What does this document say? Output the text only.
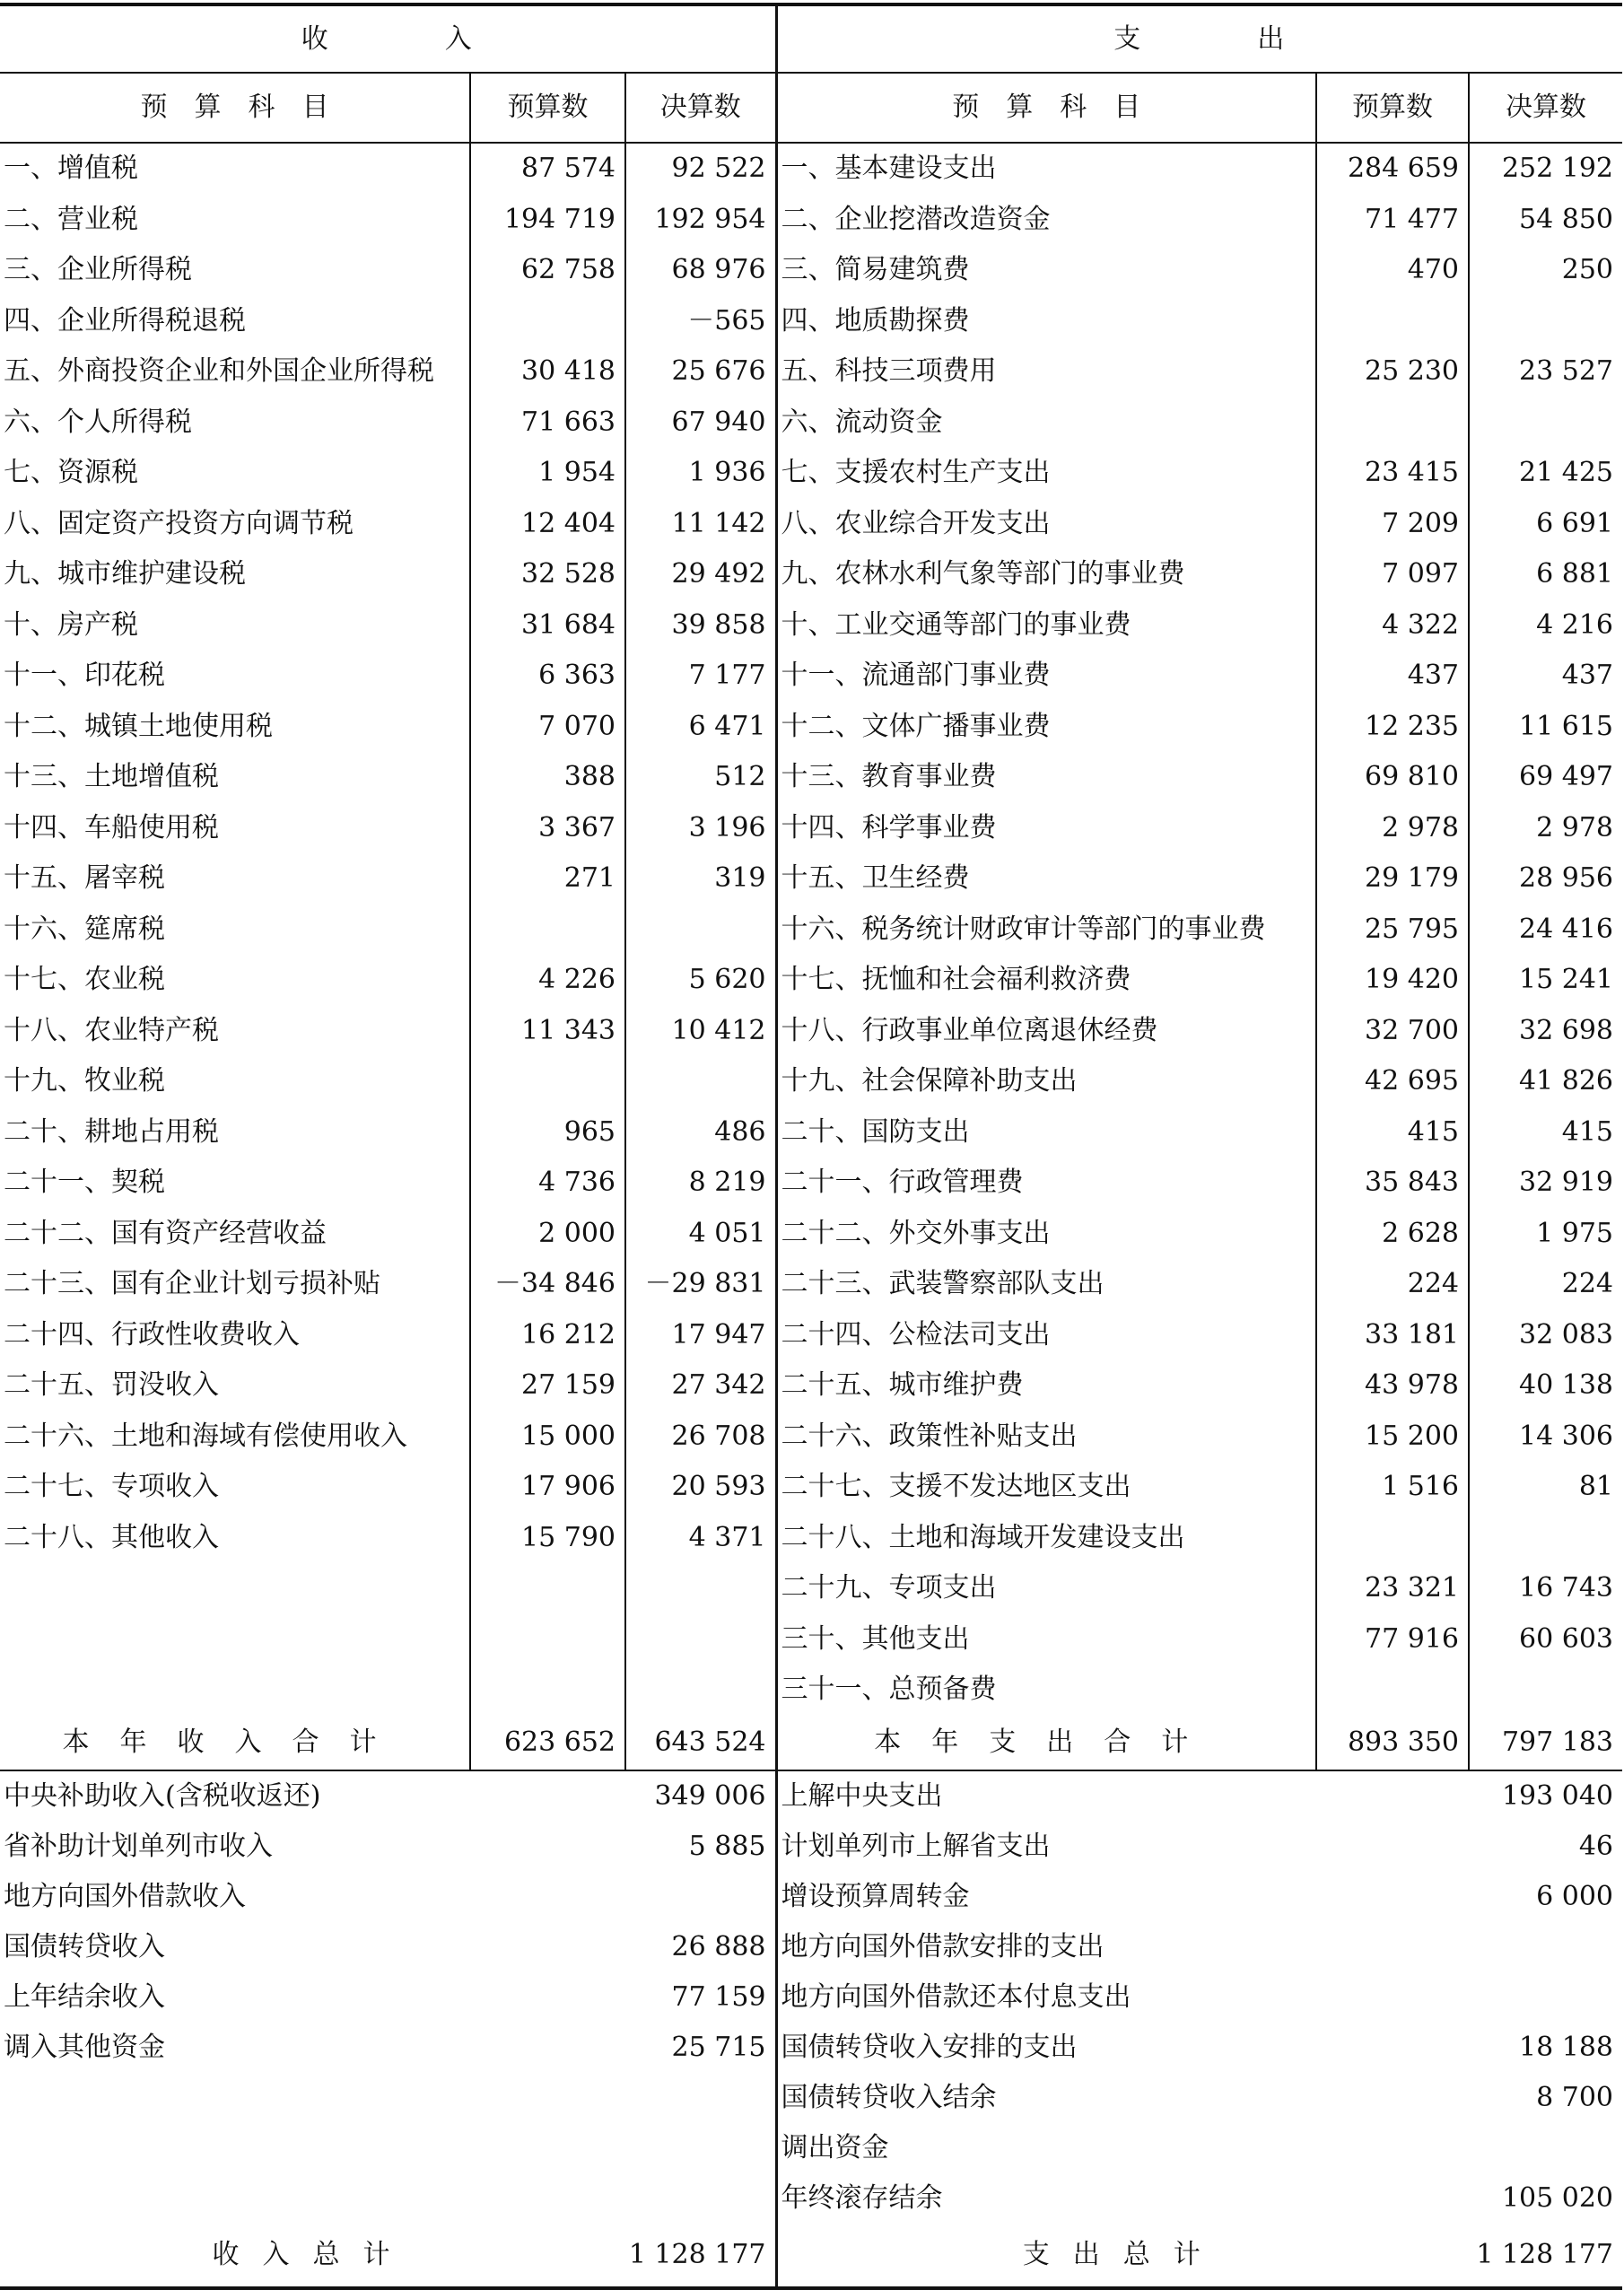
收　　　　入			支　　　　出		
预　算　科　目	预算数	决算数	预　算　科　目	预算数	决算数
一、增值税	87 574	92 522	一、基本建设支出	284 659	252 192
二、营业税	194 719	192 954	二、企业挖潜改造资金	71 477	54 850
三、企业所得税	62 758	68 976	三、简易建筑费	470	250
四、企业所得税退税		－565	四、地质勘探费		
五、外商投资企业和外国企业所得税	30 418	25 676	五、科技三项费用	25 230	23 527
六、个人所得税	71 663	67 940	六、流动资金		
七、资源税	1 954	1 936	七、支援农村生产支出	23 415	21 425
八、固定资产投资方向调节税	12 404	11 142	八、农业综合开发支出	7 209	6 691
九、城市维护建设税	32 528	29 492	九、农林水利气象等部门的事业费	7 097	6 881
十、房产税	31 684	39 858	十、工业交通等部门的事业费	4 322	4 216
十一、印花税	6 363	7 177	十一、流通部门事业费	437	437
十二、城镇土地使用税	7 070	6 471	十二、文体广播事业费	12 235	11 615
十三、土地增值税	388	512	十三、教育事业费	69 810	69 497
十四、车船使用税	3 367	3 196	十四、科学事业费	2 978	2 978
十五、屠宰税	271	319	十五、卫生经费	29 179	28 956
十六、筵席税			十六、税务统计财政审计等部门的事业费	25 795	24 416
十七、农业税	4 226	5 620	十七、抚恤和社会福利救济费	19 420	15 241
十八、农业特产税	11 343	10 412	十八、行政事业单位离退休经费	32 700	32 698
十九、牧业税			十九、社会保障补助支出	42 695	41 826
二十、耕地占用税	965	486	二十、国防支出	415	415
二十一、契税	4 736	8 219	二十一、行政管理费	35 843	32 919
二十二、国有资产经营收益	2 000	4 051	二十二、外交外事支出	2 628	1 975
二十三、国有企业计划亏损补贴	－34 846	－29 831	二十三、武装警察部队支出	224	224
二十四、行政性收费收入	16 212	17 947	二十四、公检法司支出	33 181	32 083
二十五、罚没收入	27 159	27 342	二十五、城市维护费	43 978	40 138
二十六、土地和海域有偿使用收入	15 000	26 708	二十六、政策性补贴支出	15 200	14 306
二十七、专项收入	17 906	20 593	二十七、支援不发达地区支出	1 516	81
二十八、其他收入	15 790	4 371	二十八、土地和海域开发建设支出		
			二十九、专项支出	23 321	16 743
			三十、其他支出	77 916	60 603
			三十一、总预备费		
本年收入合计	623 652	643 524	本年支出合计	893 350	797 183
中央补助收入(含税收返还)		349 006	上解中央支出		193 040
省补助计划单列市收入		5 885	计划单列市上解省支出		46
地方向国外借款收入			增设预算周转金		6 000
国债转贷收入		26 888	地方向国外借款安排的支出		
上年结余收入		77 159	地方向国外借款还本付息支出		
调入其他资金		25 715	国债转贷收入安排的支出		18 188
			国债转贷收入结余		8 700
			调出资金		
			年终滚存结余		105 020
收入总计		1 128 177	支出总计		1 128 177
